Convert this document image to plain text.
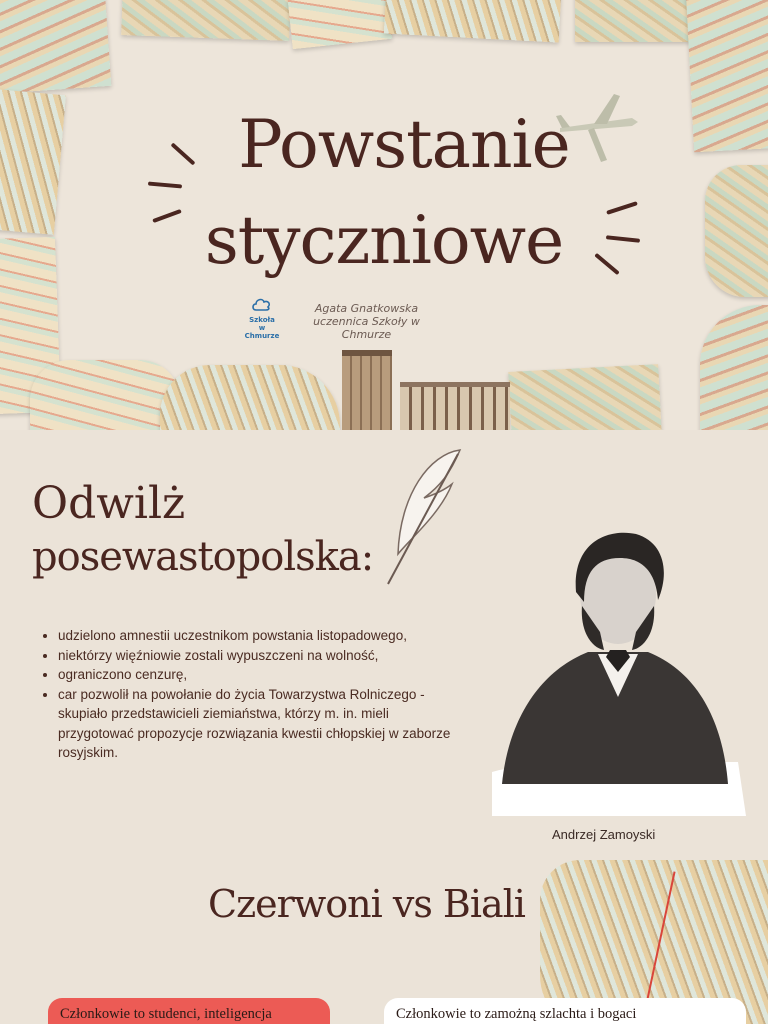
Powstanie
styczniowe
Szkoła
w Chmurze
Agata Gnatkowska
uczennica Szkoły w Chmurze
Odwilż
posewastopolska:
• udzielono amnestii uczestnikom powstania listopadowego,
• niektórzy więźniowie zostali wypuszczeni na wolność,
• ograniczono cenzurę,
• car pozwolił na powołanie do życia Towarzystwa Rolniczego - skupiało przedstawicieli ziemiaństwa, którzy m. in. mieli przygotować propozycje rozwiązania kwestii chłopskiej w zaborze rosyjskim.
Andrzej Zamoyski
Czerwoni vs Biali
Członkowie to studenci, inteligencja	Członkowie to zamożną szlachta i bogaci
